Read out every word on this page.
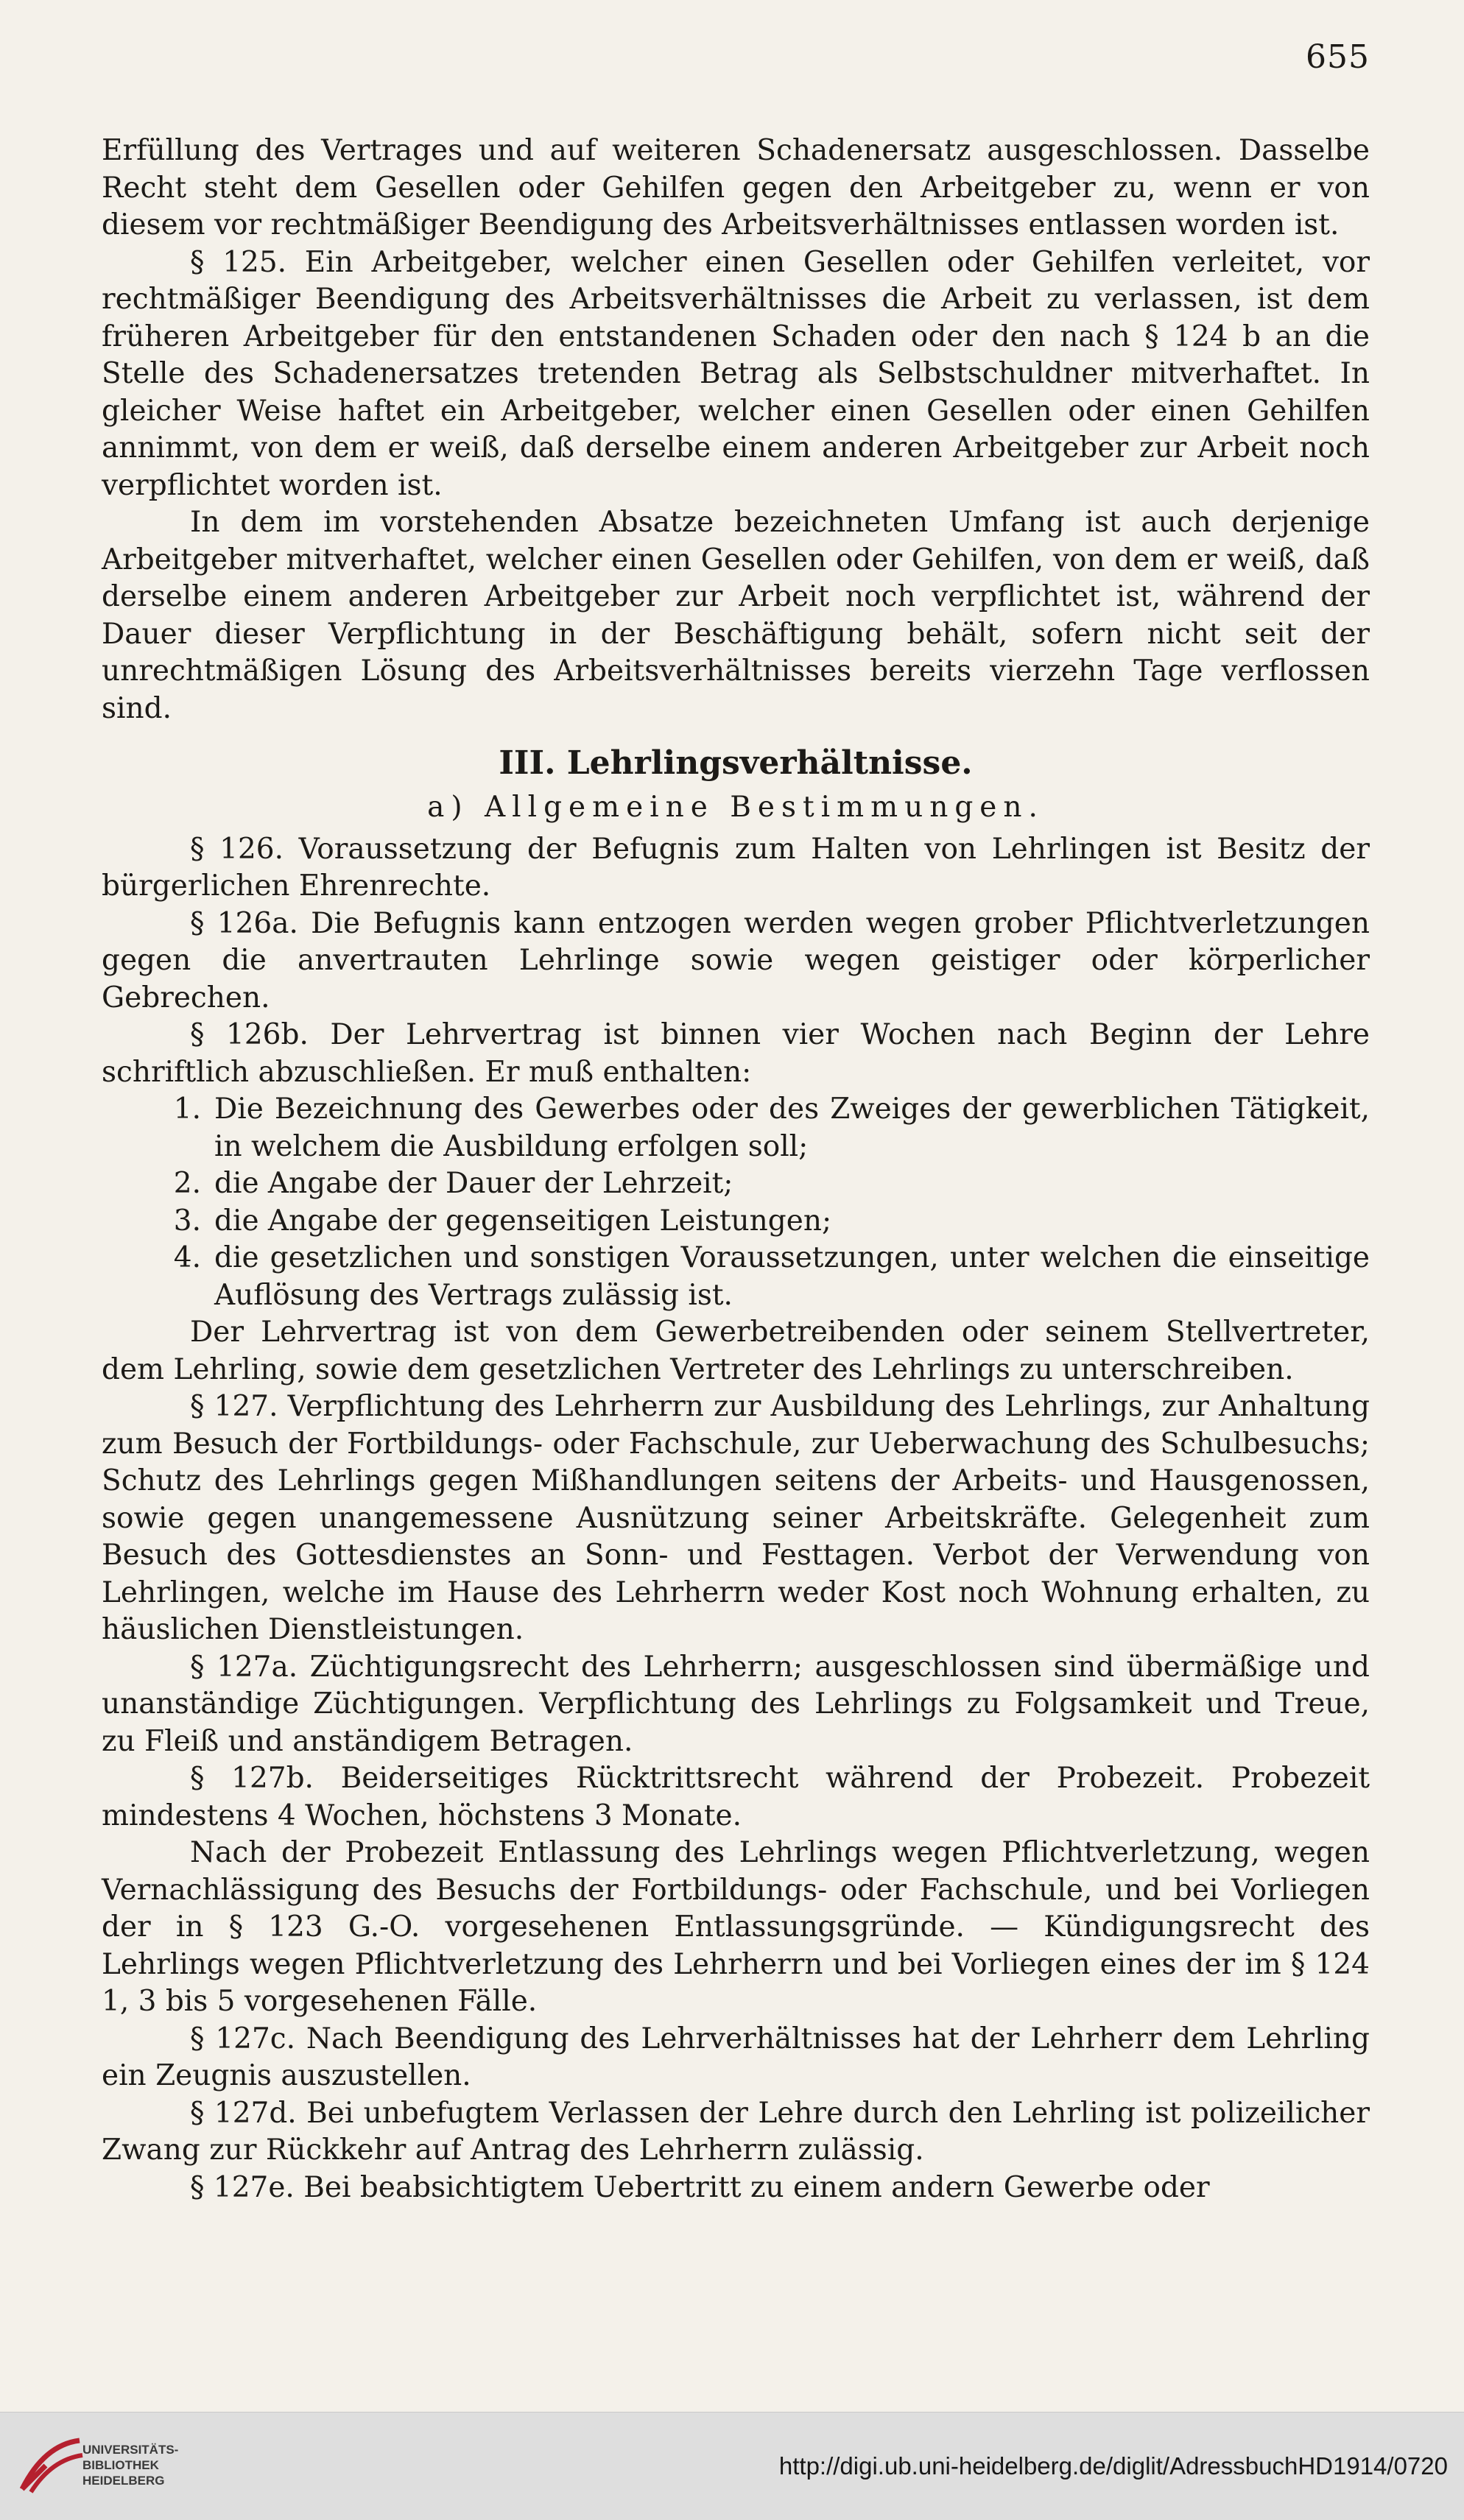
655

Erfüllung des Vertrages und auf weiteren Schadenersatz ausgeschlossen. Dasselbe Recht steht dem Gesellen oder Gehilfen gegen den Arbeitgeber zu, wenn er von diesem vor rechtmäßiger Beendigung des Arbeitsverhältnisses entlassen worden ist.

§ 125. Ein Arbeitgeber, welcher einen Gesellen oder Gehilfen verleitet, vor rechtmäßiger Beendigung des Arbeitsverhältnisses die Arbeit zu verlassen, ist dem früheren Arbeitgeber für den entstandenen Schaden oder den nach § 124 b an die Stelle des Schadenersatzes tretenden Betrag als Selbstschuldner mitverhaftet. In gleicher Weise haftet ein Arbeitgeber, welcher einen Gesellen oder einen Gehilfen annimmt, von dem er weiß, daß derselbe einem anderen Arbeitgeber zur Arbeit noch verpflichtet worden ist.

In dem im vorstehenden Absatze bezeichneten Umfang ist auch derjenige Arbeitgeber mitverhaftet, welcher einen Gesellen oder Gehilfen, von dem er weiß, daß derselbe einem anderen Arbeitgeber zur Arbeit noch verpflichtet ist, während der Dauer dieser Verpflichtung in der Beschäftigung behält, sofern nicht seit der unrechtmäßigen Lösung des Arbeitsverhältnisses bereits vierzehn Tage verflossen sind.

III. Lehrlingsverhältnisse.

a) Allgemeine Bestimmungen.

§ 126. Voraussetzung der Befugnis zum Halten von Lehrlingen ist Besitz der bürgerlichen Ehrenrechte.

§ 126a. Die Befugnis kann entzogen werden wegen grober Pflichtverletzungen gegen die anvertrauten Lehrlinge sowie wegen geistiger oder körperlicher Gebrechen.

§ 126b. Der Lehrvertrag ist binnen vier Wochen nach Beginn der Lehre schriftlich abzuschließen. Er muß enthalten:

1. Die Bezeichnung des Gewerbes oder des Zweiges der gewerblichen Tätigkeit, in welchem die Ausbildung erfolgen soll;
2. die Angabe der Dauer der Lehrzeit;
3. die Angabe der gegenseitigen Leistungen;
4. die gesetzlichen und sonstigen Voraussetzungen, unter welchen die einseitige Auflösung des Vertrags zulässig ist.

Der Lehrvertrag ist von dem Gewerbetreibenden oder seinem Stellvertreter, dem Lehrling, sowie dem gesetzlichen Vertreter des Lehrlings zu unterschreiben.

§ 127. Verpflichtung des Lehrherrn zur Ausbildung des Lehrlings, zur Anhaltung zum Besuch der Fortbildungs- oder Fachschule, zur Ueberwachung des Schulbesuchs; Schutz des Lehrlings gegen Mißhandlungen seitens der Arbeits- und Hausgenossen, sowie gegen unangemessene Ausnützung seiner Arbeitskräfte. Gelegenheit zum Besuch des Gottesdienstes an Sonn- und Festtagen. Verbot der Verwendung von Lehrlingen, welche im Hause des Lehrherrn weder Kost noch Wohnung erhalten, zu häuslichen Dienstleistungen.

§ 127a. Züchtigungsrecht des Lehrherrn; ausgeschlossen sind übermäßige und unanständige Züchtigungen. Verpflichtung des Lehrlings zu Folgsamkeit und Treue, zu Fleiß und anständigem Betragen.

§ 127b. Beiderseitiges Rücktrittsrecht während der Probezeit. Probezeit mindestens 4 Wochen, höchstens 3 Monate.

Nach der Probezeit Entlassung des Lehrlings wegen Pflichtverletzung, wegen Vernachlässigung des Besuchs der Fortbildungs- oder Fachschule, und bei Vorliegen der in § 123 G.-O. vorgesehenen Entlassungsgründe. — Kündigungsrecht des Lehrlings wegen Pflichtverletzung des Lehrherrn und bei Vorliegen eines der im § 124 1, 3 bis 5 vorgesehenen Fälle.

§ 127c. Nach Beendigung des Lehrverhältnisses hat der Lehrherr dem Lehrling ein Zeugnis auszustellen.

§ 127d. Bei unbefugtem Verlassen der Lehre durch den Lehrling ist polizeilicher Zwang zur Rückkehr auf Antrag des Lehrherrn zulässig.

§ 127e. Bei beabsichtigtem Uebertritt zu einem andern Gewerbe oder

UNIVERSITÄTS-
BIBLIOTHEK
HEIDELBERG
http://digi.ub.uni-heidelberg.de/diglit/AdressbuchHD1914/0720
